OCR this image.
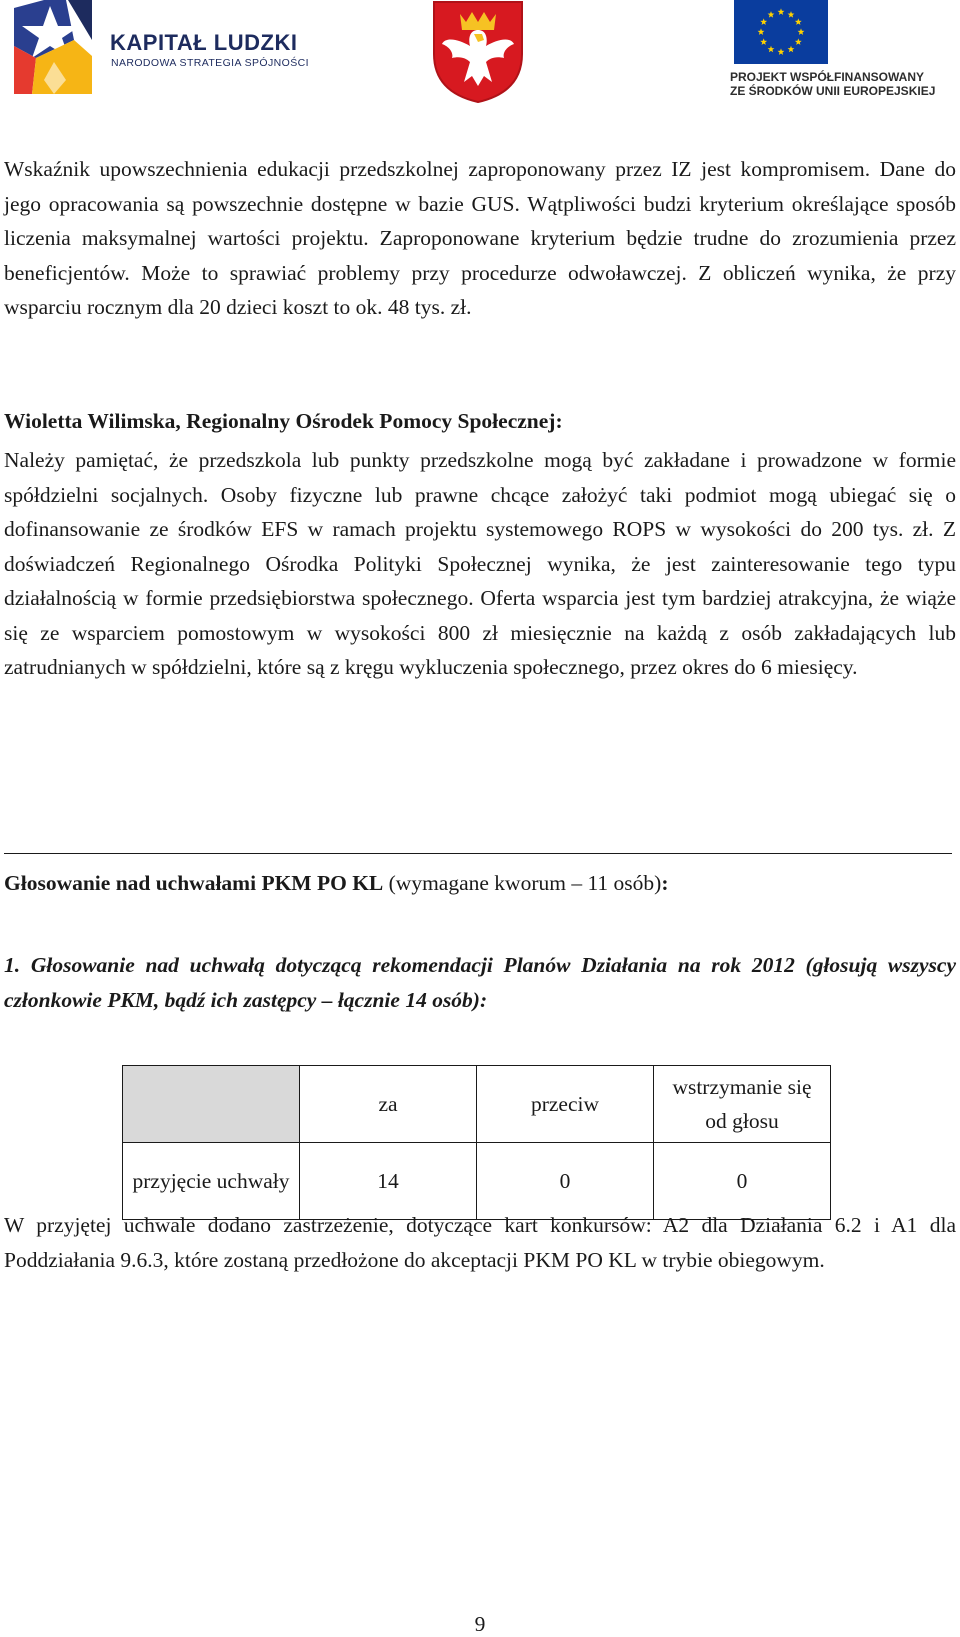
KAPITAŁ LUDZKI
NARODOWA STRATEGIA SPÓJNOŚCI
PROJEKT WSPÓŁFINANSOWANY
ZE ŚRODKÓW UNII EUROPEJSKIEJ
Wskaźnik upowszechnienia edukacji przedszkolnej zaproponowany przez IZ jest kompromisem. Dane do jego opracowania są powszechnie dostępne w bazie GUS. Wątpliwości budzi kryterium określające sposób liczenia maksymalnej wartości projektu. Zaproponowane kryterium będzie trudne do zrozumienia przez beneficjentów. Może to sprawiać problemy przy procedurze odwoławczej. Z obliczeń wynika, że przy wsparciu rocznym dla 20 dzieci koszt to ok. 48 tys. zł.
Wioletta Wilimska, Regionalny Ośrodek Pomocy Społecznej:
Należy pamiętać, że przedszkola lub punkty przedszkolne mogą być zakładane i prowadzone w formie spółdzielni socjalnych. Osoby fizyczne lub prawne chcące założyć taki podmiot mogą ubiegać się o dofinansowanie ze środków EFS w ramach projektu systemowego ROPS w wysokości do 200 tys. zł. Z doświadczeń Regionalnego Ośrodka Polityki Społecznej wynika, że jest zainteresowanie tego typu działalnością w formie przedsiębiorstwa społecznego. Oferta wsparcia jest tym bardziej atrakcyjna, że wiąże się ze wsparciem pomostowym w wysokości 800 zł miesięcznie na każdą z osób zakładających lub zatrudnianych w spółdzielni, które są z kręgu wykluczenia społecznego, przez okres do 6 miesięcy.
Głosowanie nad uchwałami PKM PO KL (wymagane kworum – 11 osób):
1. Głosowanie nad uchwałą dotyczącą rekomendacji Planów Działania na rok 2012 (głosują wszyscy członkowie PKM, bądź ich zastępcy – łącznie 14 osób):
	za	przeciw	wstrzymanie się od głosu
przyjęcie uchwały	14	0	0
W przyjętej uchwale dodano zastrzeżenie, dotyczące kart konkursów: A2 dla Działania 6.2 i A1 dla Poddziałania 9.6.3, które zostaną przedłożone do akceptacji PKM PO KL w trybie obiegowym.
9
